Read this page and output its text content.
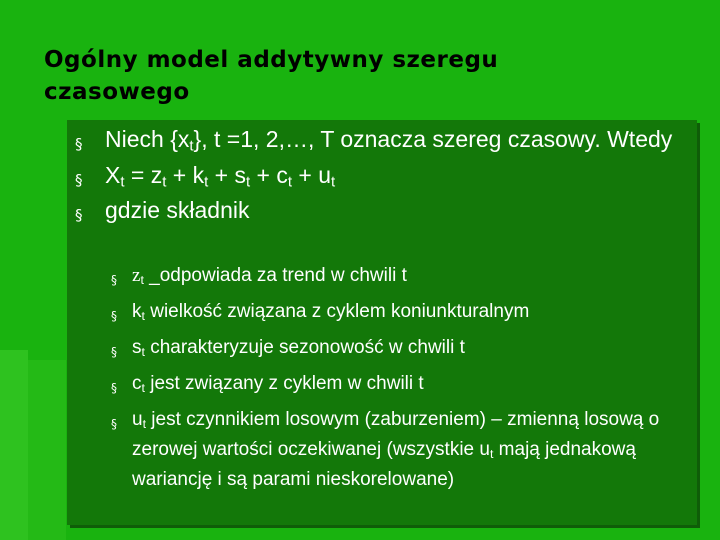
Ogólny model addytywny szeregu
czasowego

§ Niech $\{x_t\}$, t =1, 2,…, T oznacza szereg czasowy. Wtedy
§ $X_t = z_t + k_t + s_t + c_t + u_t$
§ gdzie składnik
§ $z_t$ _odpowiada za trend w chwili t
§ $k_t$ wielkość związana z cyklem koniunkturalnym
§ $s_t$ charakteryzuje sezonowość w chwili t
§ $c_t$ jest związany z cyklem w chwili t
§ $u_t$ jest czynnikiem losowym (zaburzeniem) – zmienną losową o zerowej wartości oczekiwanej (wszystkie $u_t$ mają jednakową wariancję i są parami nieskorelowane)
